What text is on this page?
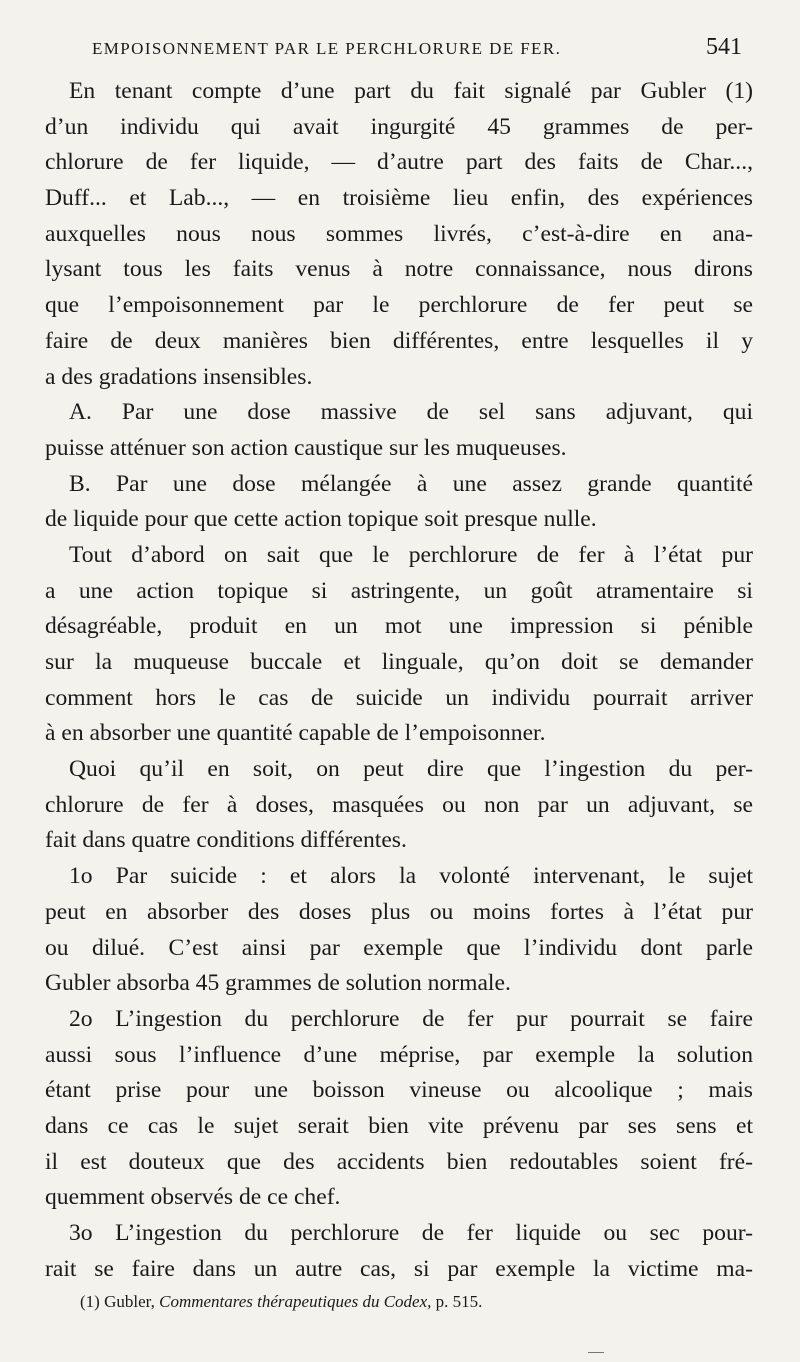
EMPOISONNEMENT PAR LE PERCHLORURE DE FER.	541
En tenant compte d’une part du fait signalé par Gubler (1)
d’un individu qui avait ingurgité 45 grammes de per-
chlorure de fer liquide, — d’autre part des faits de Char...,
Duff... et Lab..., — en troisième lieu enfin, des expériences
auxquelles nous nous sommes livrés, c’est-à-dire en ana-
lysant tous les faits venus à notre connaissance, nous dirons
que l’empoisonnement par le perchlorure de fer peut se
faire de deux manières bien différentes, entre lesquelles il y
a des gradations insensibles.
A. Par une dose massive de sel sans adjuvant, qui
puisse atténuer son action caustique sur les muqueuses.
B. Par une dose mélangée à une assez grande quantité
de liquide pour que cette action topique soit presque nulle.
Tout d’abord on sait que le perchlorure de fer à l’état pur
a une action topique si astringente, un goût atramentaire si
désagréable, produit en un mot une impression si pénible
sur la muqueuse buccale et linguale, qu’on doit se demander
comment hors le cas de suicide un individu pourrait arriver
à en absorber une quantité capable de l’empoisonner.
Quoi qu’il en soit, on peut dire que l’ingestion du per-
chlorure de fer à doses, masquées ou non par un adjuvant, se
fait dans quatre conditions différentes.
1o Par suicide : et alors la volonté intervenant, le sujet
peut en absorber des doses plus ou moins fortes à l’état pur
ou dilué. C’est ainsi par exemple que l’individu dont parle
Gubler absorba 45 grammes de solution normale.
2o L’ingestion du perchlorure de fer pur pourrait se faire
aussi sous l’influence d’une méprise, par exemple la solution
étant prise pour une boisson vineuse ou alcoolique ; mais
dans ce cas le sujet serait bien vite prévenu par ses sens et
il est douteux que des accidents bien redoutables soient fré-
quemment observés de ce chef.
3o L’ingestion du perchlorure de fer liquide ou sec pour-
rait se faire dans un autre cas, si par exemple la victime ma-
(1) Gubler, Commentares thérapeutiques du Codex, p. 515.
